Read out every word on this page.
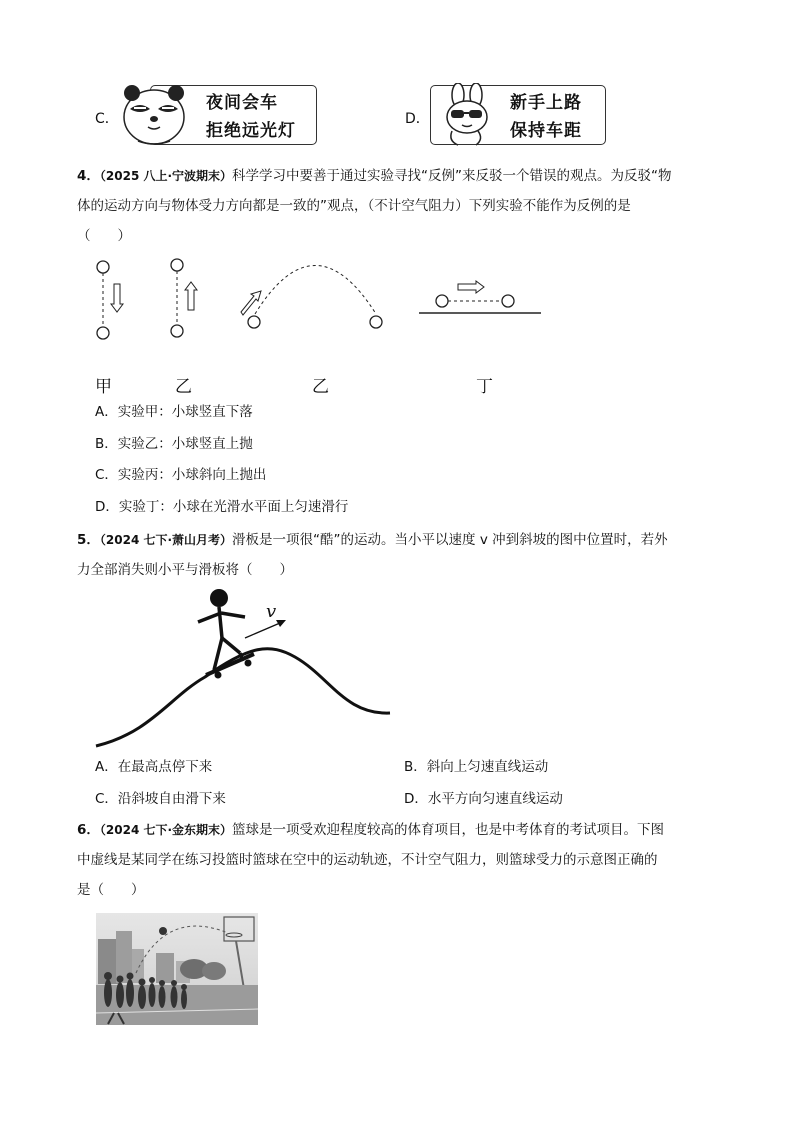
C．
夜间会车
拒绝远光灯
D．
新手上路
保持车距
4．（2025 八上·宁波期末）科学学习中要善于通过实验寻找“反例”来反驳一个错误的观点。为反驳“物
体的运动方向与物体受力方向都是一致的”观点，（不计空气阻力）下列实验不能作为反例的是
（　　）
甲	乙	乙	丁
A．实验甲：小球竖直下落
B．实验乙：小球竖直上抛
C．实验丙：小球斜向上抛出
D．实验丁：小球在光滑水平面上匀速滑行
5．（2024 七下·萧山月考）滑板是一项很“酷”的运动。当小平以速度 v 冲到斜坡的图中位置时，若外
力全部消失则小平与滑板将（　　）
v
A．在最高点停下来	B．斜向上匀速直线运动
C．沿斜坡自由滑下来	D．水平方向匀速直线运动
6．（2024 七下·金东期末）篮球是一项受欢迎程度较高的体育项目，也是中考体育的考试项目。下图
中虚线是某同学在练习投篮时篮球在空中的运动轨迹，不计空气阻力，则篮球受力的示意图正确的
是（　　）
